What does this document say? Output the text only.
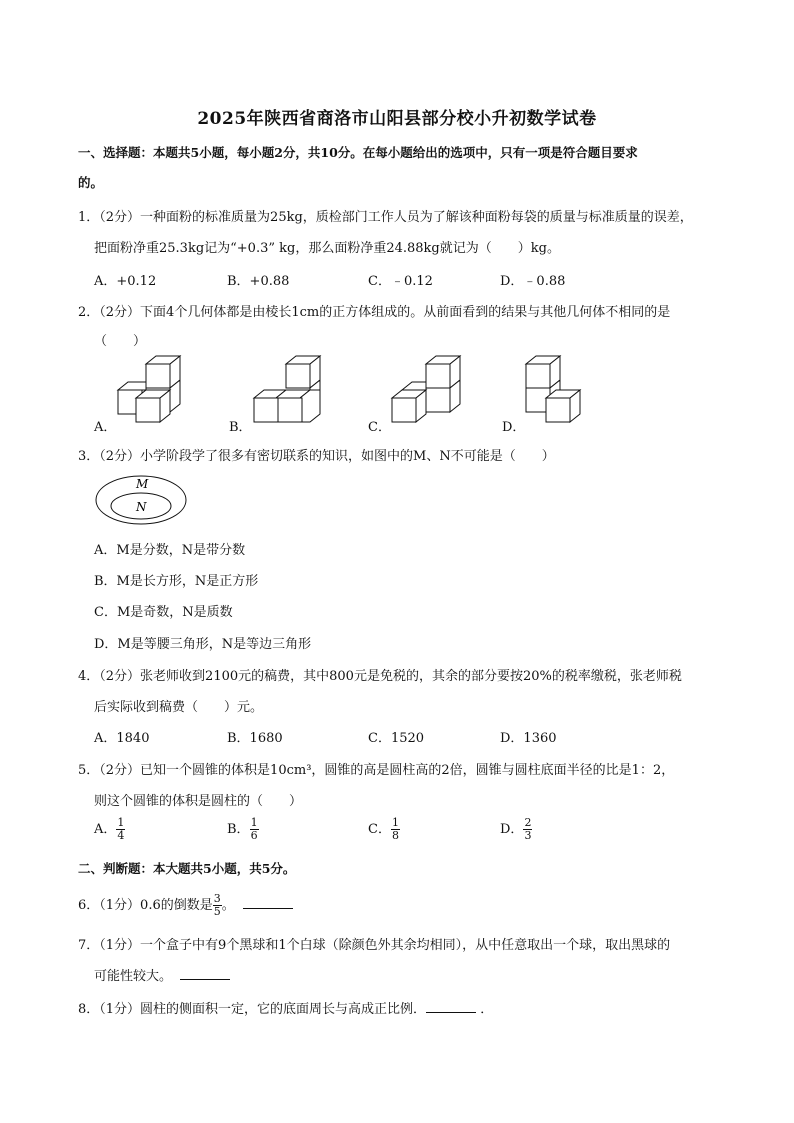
2025年陕西省商洛市山阳县部分校小升初数学试卷
一、选择题：本题共5小题，每小题2分，共10分。在每小题给出的选项中，只有一项是符合题目要求
的。
1．（2分）一种面粉的标准质量为25kg，质检部门工作人员为了解该种面粉每袋的质量与标准质量的误差，
把面粉净重25.3kg记为“+0.3” kg，那么面粉净重24.88kg就记为（　　）kg。
A．+0.12	B．+0.88	C．﹣0.12	D．﹣0.88
2．（2分）下面4个几何体都是由棱长1cm的正方体组成的。从前面看到的结果与其他几何体不相同的是
（　　）
A．	B．	C．	D．
3．（2分）小学阶段学了很多有密切联系的知识，如图中的M、N不可能是（　　）
M
N
A．M是分数，N是带分数
B．M是长方形，N是正方形
C．M是奇数，N是质数
D．M是等腰三角形，N是等边三角形
4．（2分）张老师收到2100元的稿费，其中800元是免税的，其余的部分要按20%的税率缴税，张老师税
后实际收到稿费（　　）元。
A．1840	B．1680	C．1520	D．1360
5．（2分）已知一个圆锥的体积是10cm³，圆锥的高是圆柱高的2倍，圆锥与圆柱底面半径的比是1：2，
则这个圆锥的体积是圆柱的（　　）
A． $\frac{1}{4}$	B． $\frac{1}{6}$	C． $\frac{1}{8}$	D． $\frac{2}{3}$
二、判断题：本大题共5小题，共5分。
6．（1分）0.6的倒数是 $\frac{3}{5}$ 。
7．（1分）一个盒子中有9个黑球和1个白球（除颜色外其余均相同），从中任意取出一个球，取出黑球的
可能性较大。
8．（1分）圆柱的侧面积一定，它的底面周长与高成正比例．	．
